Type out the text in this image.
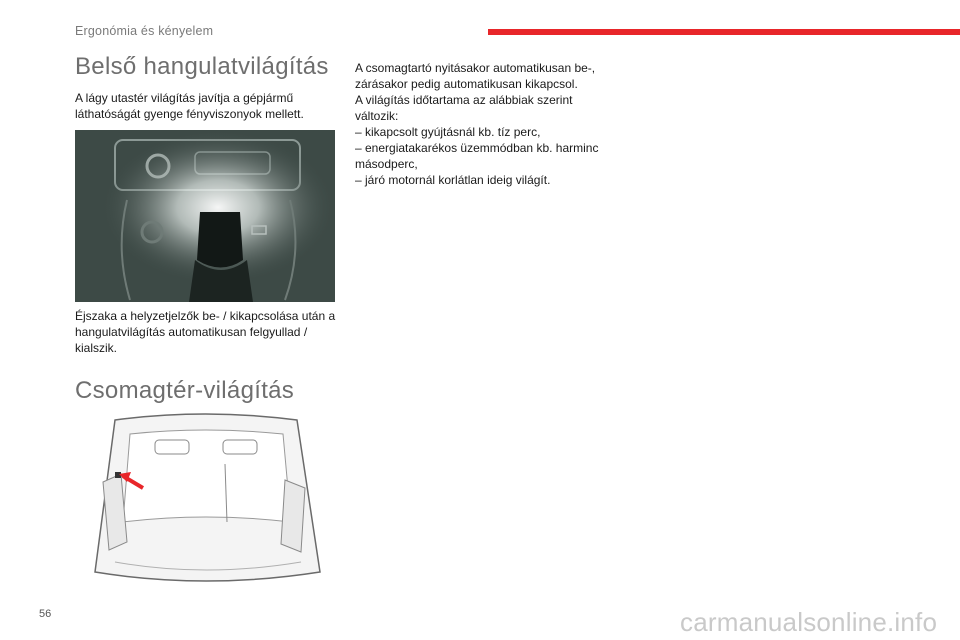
Ergonómia és kényelem
Belső hangulatvilágítás

A lágy utastér világítás javítja a gépjármű láthatóságát gyenge fényviszonyok mellett.

Éjszaka a helyzetjelzők be- / kikapcsolása után a hangulatvilágítás automatikusan felgyullad / kialszik.

Csomagtér-világítás
A csomagtartó nyitásakor automatikusan be-,
zárásakor pedig automatikusan kikapcsol.
A világítás időtartama az alábbiak szerint
változik:
– kikapcsolt gyújtásnál kb. tíz perc,
– energiatakarékos üzemmódban kb. harminc
másodperc,
– járó motornál korlátlan ideig világít.
56	carmanualsonline.info
